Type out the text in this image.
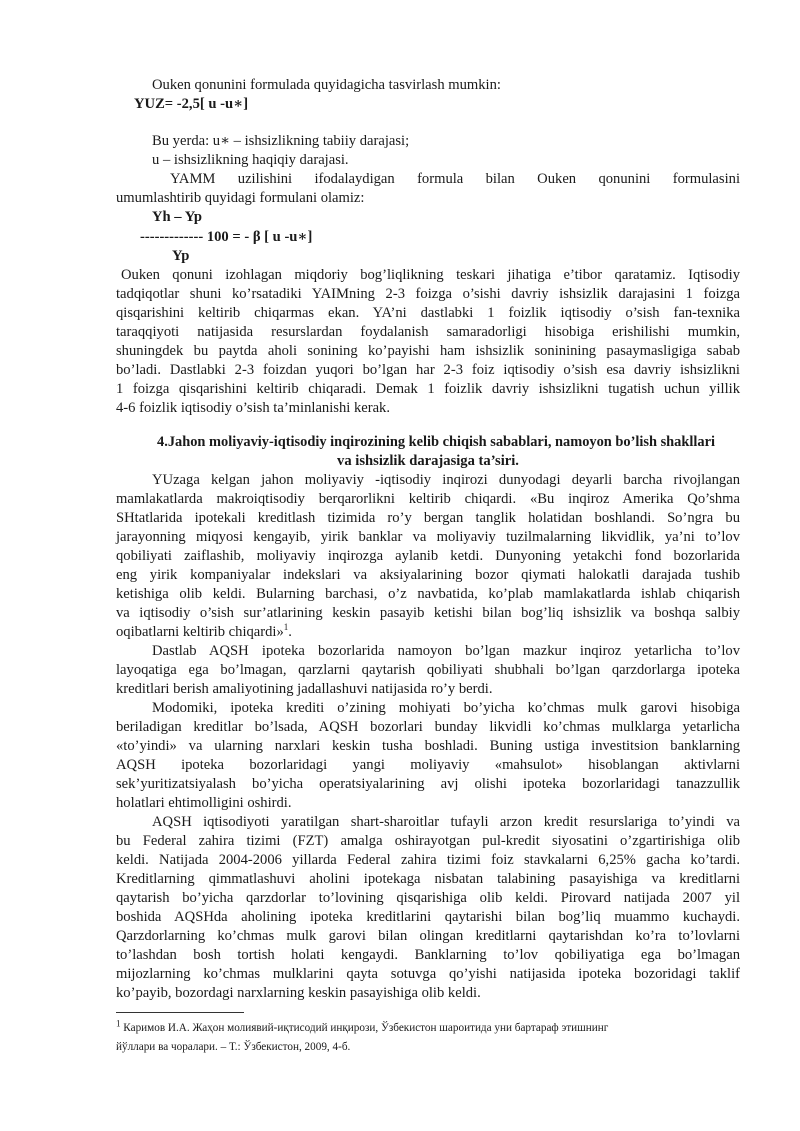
Ouken qonunini formulada quyidagicha tasvirlash mumkin:
YUZ= -2,5[ u -u∗]
Bu yerda: u∗ – ishsizlikning tabiiy darajasi;
u – ishsizlikning haqiqiy darajasi.
YAMM uzilishini ifodalaydigan formula bilan Ouken qonunini formulasini
umumlashtirib quyidagi formulani olamiz:
Yh – Yp
------------- 100 = - β [ u -u∗]
Yp
Ouken qonuni izohlagan miqdoriy bog’liqlikning teskari jihatiga e’tibor qaratamiz. Iqtisodiy
tadqiqotlar shuni ko’rsatadiki YAIMning 2-3 foizga o’sishi davriy ishsizlik darajasini 1 foizga
qisqarishini keltirib chiqarmas ekan. YA’ni dastlabki 1 foizlik iqtisodiy o’sish fan-texnika
taraqqiyoti natijasida resurslardan foydalanish samaradorligi hisobiga erishilishi mumkin,
shuningdek bu paytda aholi sonining ko’payishi ham ishsizlik soninining pasaymasligiga sabab
bo’ladi. Dastlabki 2-3 foizdan yuqori bo’lgan har 2-3 foiz iqtisodiy o’sish esa davriy ishsizlikni
1 foizga qisqarishini keltirib chiqaradi. Demak 1 foizlik davriy ishsizlikni tugatish uchun yillik
4-6 foizlik iqtisodiy o’sish ta’minlanishi kerak.
4.Jahon moliyaviy-iqtisodiy inqirozining kelib chiqish sabablari, namoyon bo’lish shakllari
va ishsizlik darajasiga ta’siri.
YUzaga kelgan jahon moliyaviy -iqtisodiy inqirozi dunyodagi deyarli barcha rivojlangan
mamlakatlarda makroiqtisodiy berqarorlikni keltirib chiqardi. «Bu inqiroz Amerika Qo’shma
SHtatlarida ipotekali kreditlash tizimida ro’y bergan tanglik holatidan boshlandi. So’ngra bu
jarayonning miqyosi kengayib, yirik banklar va moliyaviy tuzilmalarning likvidlik, ya’ni to’lov
qobiliyati zaiflashib, moliyaviy inqirozga aylanib ketdi. Dunyoning yetakchi fond bozorlarida
eng yirik kompaniyalar indekslari va aksiyalarining bozor qiymati halokatli darajada tushib
ketishiga olib keldi. Bularning barchasi, o’z navbatida, ko’plab mamlakatlarda ishlab chiqarish
va iqtisodiy o’sish sur’atlarining keskin pasayib ketishi bilan bog’liq ishsizlik va boshqa salbiy
oqibatlarni keltirib chiqardi»$^1$.
Dastlab AQSH ipoteka bozorlarida namoyon bo’lgan mazkur inqiroz yetarlicha to’lov
layoqatiga ega bo’lmagan, qarzlarni qaytarish qobiliyati shubhali bo’lgan qarzdorlarga ipoteka
kreditlari berish amaliyotining jadallashuvi natijasida ro’y berdi.
Modomiki, ipoteka krediti o’zining mohiyati bo’yicha ko’chmas mulk garovi hisobiga
beriladigan kreditlar bo’lsada, AQSH bozorlari bunday likvidli ko’chmas mulklarga yetarlicha
«to’yindi» va ularning narxlari keskin tusha boshladi. Buning ustiga investitsion banklarning
AQSH ipoteka bozorlaridagi yangi moliyaviy «mahsulot» hisoblangan aktivlarni
sek’yuritizatsiyalash bo’yicha operatsiyalarining avj olishi ipoteka bozorlaridagi tanazzullik
holatlari ehtimolligini oshirdi.
AQSH iqtisodiyoti yaratilgan shart-sharoitlar tufayli arzon kredit resurslariga to’yindi va
bu Federal zahira tizimi (FZT) amalga oshirayotgan pul-kredit siyosatini o’zgartirishiga olib
keldi. Natijada 2004-2006 yillarda Federal zahira tizimi foiz stavkalarni 6,25% gacha ko’tardi.
Kreditlarning qimmatlashuvi aholini ipotekaga nisbatan talabining pasayishiga va kreditlarni
qaytarish bo’yicha qarzdorlar to’lovining qisqarishiga olib keldi. Pirovard natijada 2007 yil
boshida AQSHda aholining ipoteka kreditlarini qaytarishi bilan bog’liq muammo kuchaydi.
Qarzdorlarning ko’chmas mulk garovi bilan olingan kreditlarni qaytarishdan ko’ra to’lovlarni
to’lashdan bosh tortish holati kengaydi. Banklarning to’lov qobiliyatiga ega bo’lmagan
mijozlarning ko’chmas mulklarini qayta sotuvga qo’yishi natijasida ipoteka bozoridagi taklif
ko’payib, bozordagi narxlarning keskin pasayishiga olib keldi.
$^1$ Каримов И.А. Жаҳон молиявий-иқтисодий инқирози, Ўзбекистон шароитида уни бартараф этишнинг
йўллари ва чоралари. – Т.: Ўзбекистон, 2009, 4-б.
